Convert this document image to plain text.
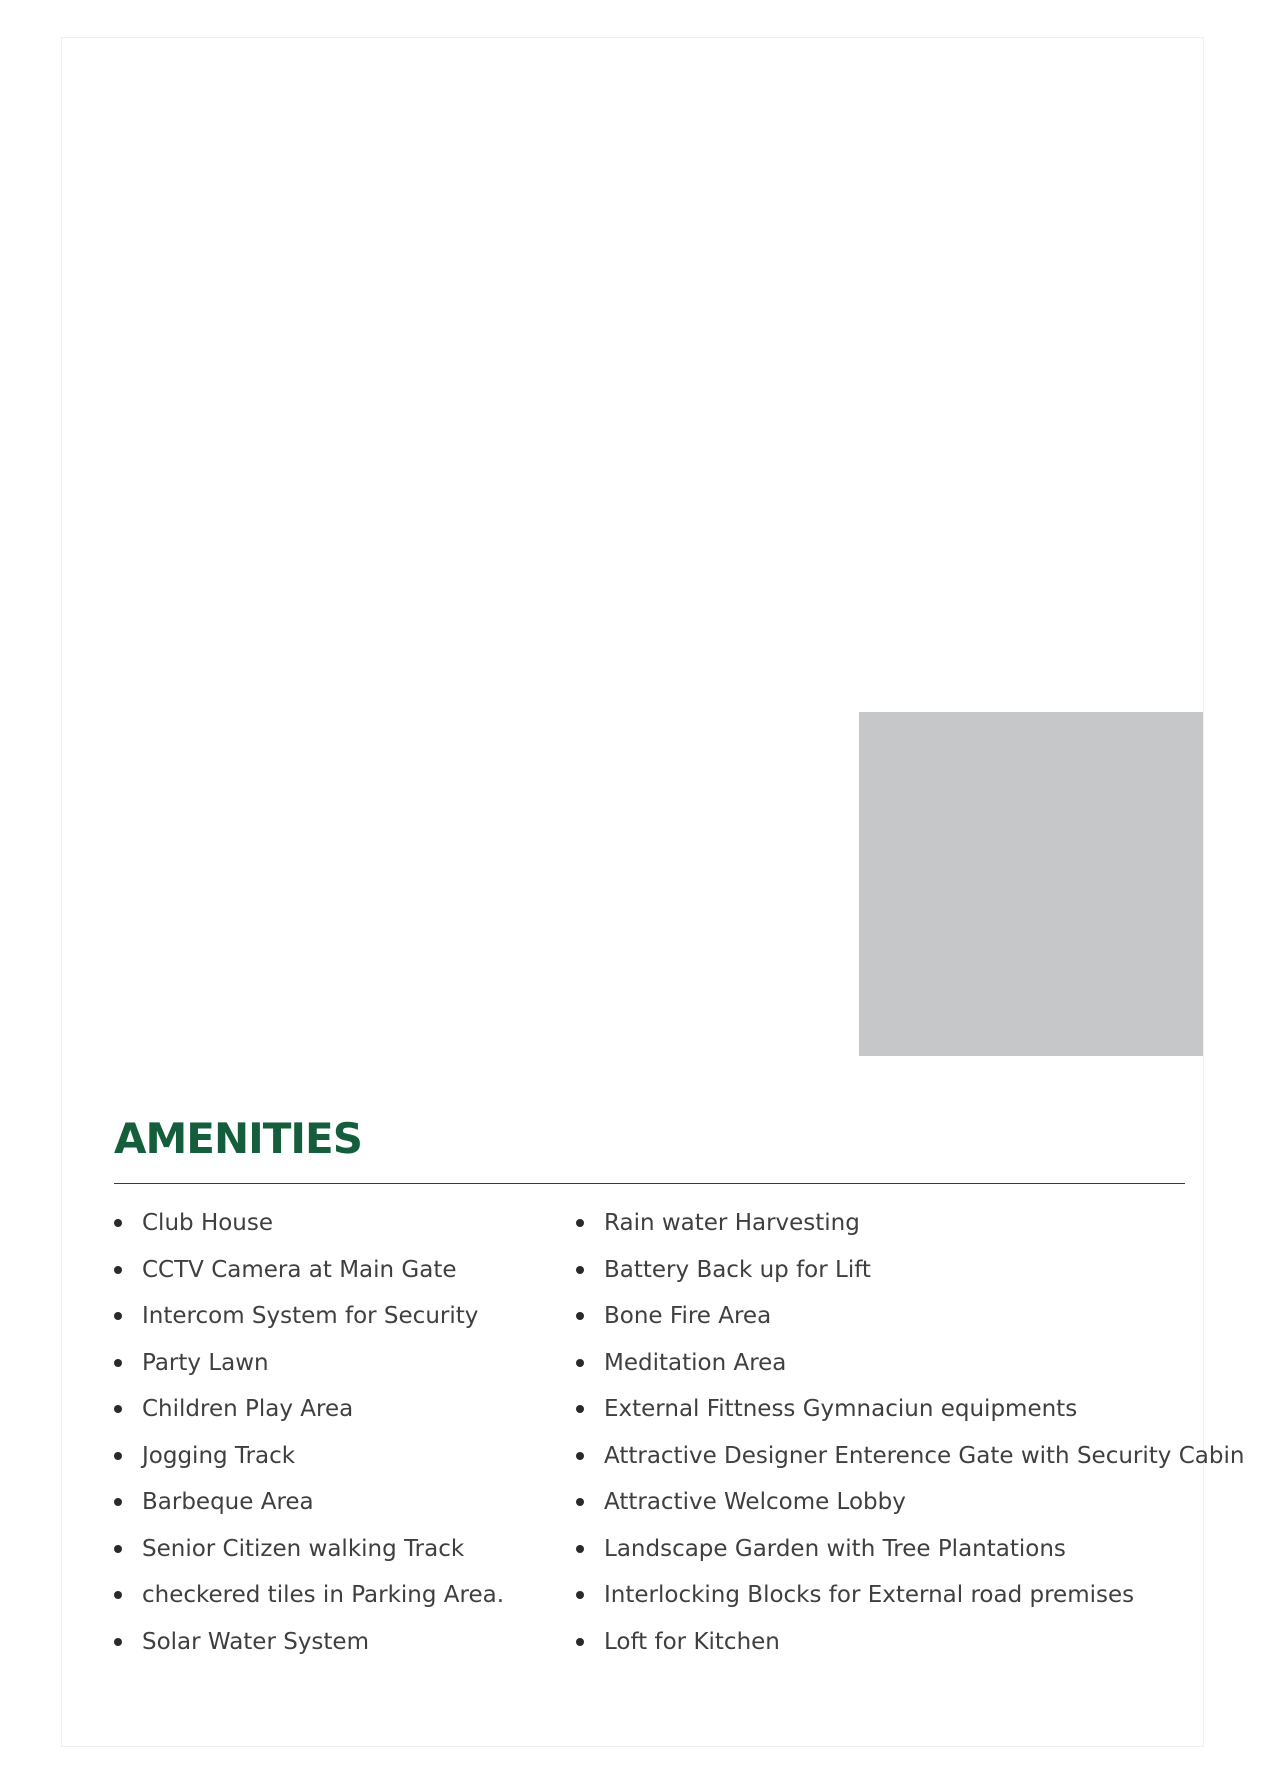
AMENITIES
Club House
CCTV Camera at Main Gate
Intercom System for Security
Party Lawn
Children Play Area
Jogging Track
Barbeque Area
Senior Citizen walking Track
checkered tiles in Parking Area.
Solar Water System
Rain water Harvesting
Battery Back up for Lift
Bone Fire Area
Meditation Area
External Fittness Gymnaciun equipments
Attractive Designer Enterence Gate with Security Cabin
Attractive Welcome Lobby
Landscape Garden with Tree Plantations
Interlocking Blocks for External road premises
Loft for Kitchen
